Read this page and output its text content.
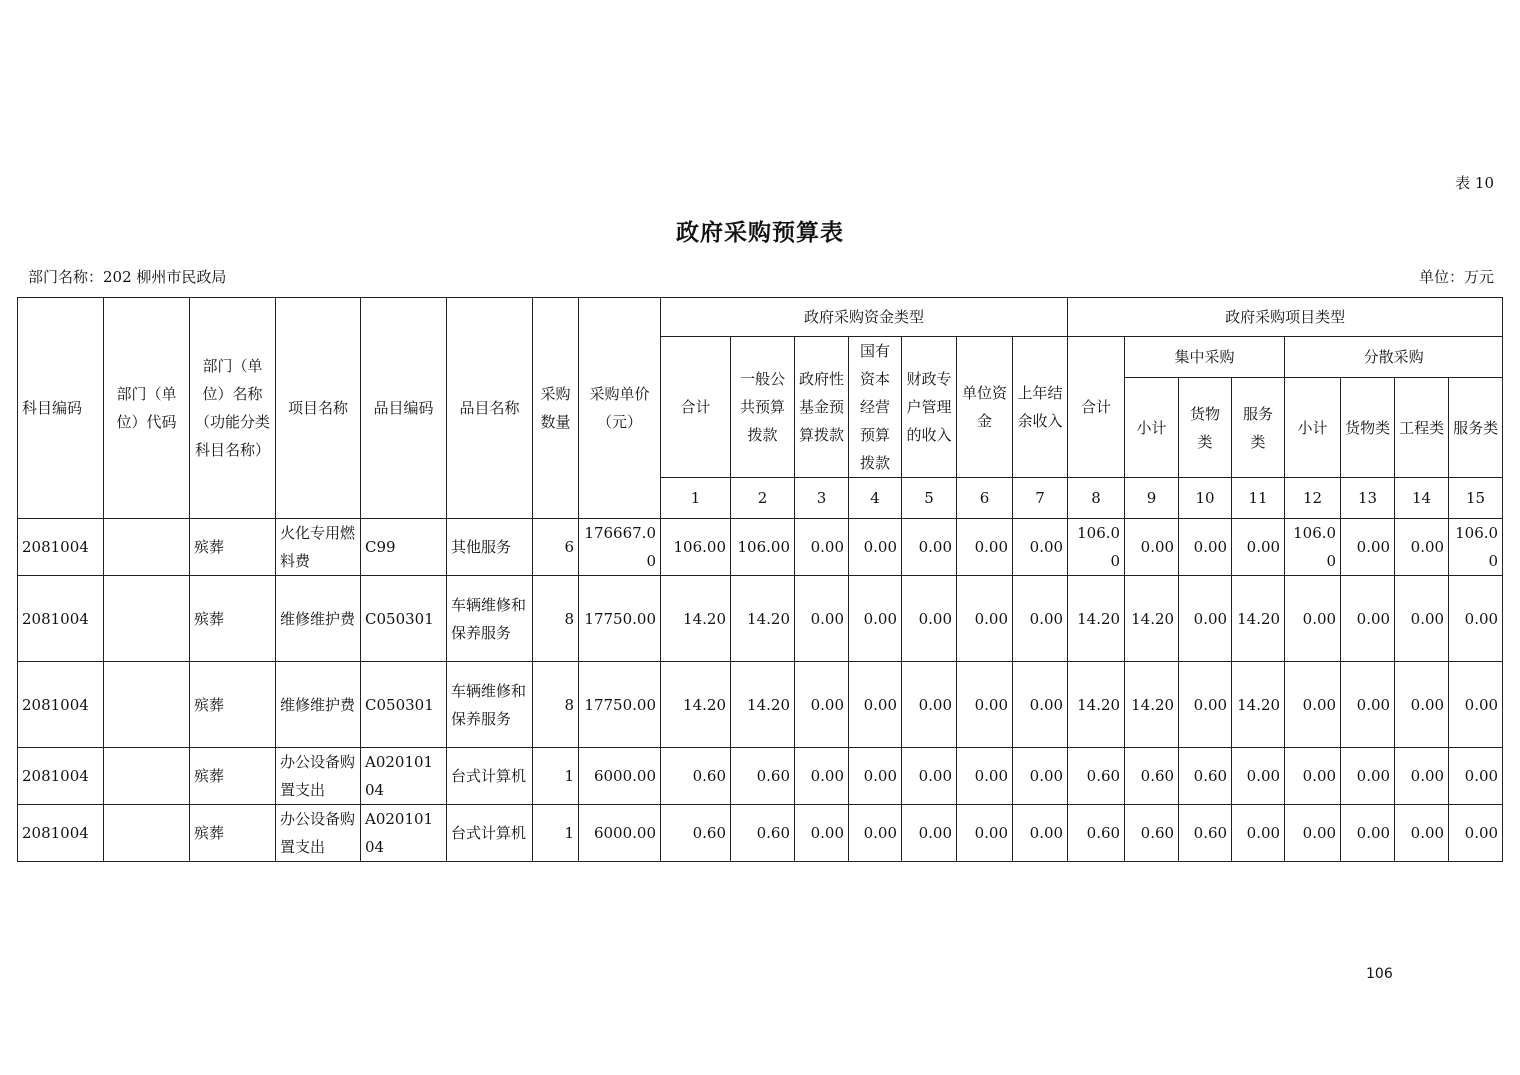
表 10
政府采购预算表
部门名称：202 柳州市民政局	单位：万元
科目编码	部门（单位）代码	部门（单位）名称（功能分类科目名称）	项目名称	品目编码	品目名称	采购数量	采购单价（元）	政府采购资金类型							政府采购项目类型							
								合计	一般公共预算拨款	政府性基金预算拨款	国有资本经营预算拨款	财政专户管理的收入	单位资金	上年结余收入	合计	集中采购			分散采购			
																小计	货物类	服务类	小计	货物类	工程类	服务类
								1	2	3	4	5	6	7	8	9	10	11	12	13	14	15
2081004		殡葬	火化专用燃料费	C99	其他服务	6	176667.00	106.00	106.00	0.00	0.00	0.00	0.00	0.00	106.00	0.00	0.00	0.00	106.00	0.00	0.00	106.00
2081004		殡葬	维修维护费	C050301	车辆维修和保养服务	8	17750.00	14.20	14.20	0.00	0.00	0.00	0.00	0.00	14.20	14.20	0.00	14.20	0.00	0.00	0.00	0.00
2081004		殡葬	维修维护费	C050301	车辆维修和保养服务	8	17750.00	14.20	14.20	0.00	0.00	0.00	0.00	0.00	14.20	14.20	0.00	14.20	0.00	0.00	0.00	0.00
2081004		殡葬	办公设备购置支出	A02010104	台式计算机	1	6000.00	0.60	0.60	0.00	0.00	0.00	0.00	0.00	0.60	0.60	0.60	0.00	0.00	0.00	0.00	0.00
2081004		殡葬	办公设备购置支出	A02010104	台式计算机	1	6000.00	0.60	0.60	0.00	0.00	0.00	0.00	0.00	0.60	0.60	0.60	0.00	0.00	0.00	0.00	0.00
106
